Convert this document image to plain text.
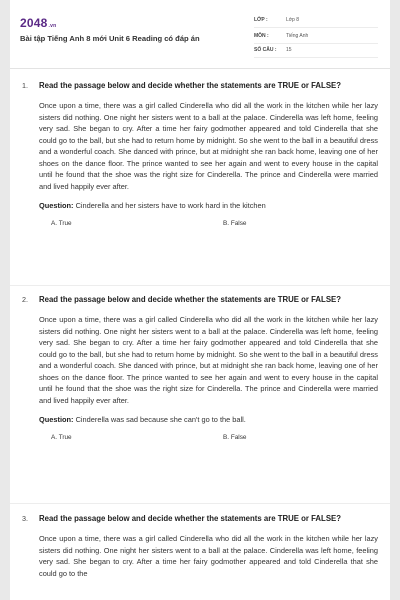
2048.vn
Bài tập Tiếng Anh 8 mới Unit 6 Reading có đáp án
LỚP :	Lớp 8
MÔN :	Tiếng Anh
SỐ CÂU : 15
1. Read the passage below and decide whether the statements are TRUE or FALSE?
Once upon a time, there was a girl called Cinderella who did all the work in the kitchen while her lazy sisters did nothing. One night her sisters went to a ball at the palace. Cinderella was left home, feeling very sad. She began to cry. After a time her fairy godmother appeared and told Cinderella that she could go to the ball, but she had to return home by midnight. So she went to the ball in a beautiful dress and a wonderful coach. She danced with prince, but at midnight she ran back home, leaving one of her shoes on the dance floor. The prince wanted to see her again and went to every house in the capital until he found that the shoe was the right size for Cinderella. The prince and Cinderella were married and lived happily ever after.
Question: Cinderella and her sisters have to work hard in the kitchen
A. True	B. False
2. Read the passage below and decide whether the statements are TRUE or FALSE?
Once upon a time, there was a girl called Cinderella who did all the work in the kitchen while her lazy sisters did nothing. One night her sisters went to a ball at the palace. Cinderella was left home, feeling very sad. She began to cry. After a time her fairy godmother appeared and told Cinderella that she could go to the ball, but she had to return home by midnight. So she went to the ball in a beautiful dress and a wonderful coach. She danced with prince, but at midnight she ran back home, leaving one of her shoes on the dance floor. The prince wanted to see her again and went to every house in the capital until he found that the shoe was the right size for Cinderella. The prince and Cinderella were married and lived happily ever after.
Question: Cinderella was sad because she can't go to the ball.
A. True	B. False
3. Read the passage below and decide whether the statements are TRUE or FALSE?
Once upon a time, there was a girl called Cinderella who did all the work in the kitchen while her lazy sisters did nothing. One night her sisters went to a ball at the palace. Cinderella was left home, feeling very sad. She began to cry. After a time her fairy godmother appeared and told Cinderella that she could go to the
